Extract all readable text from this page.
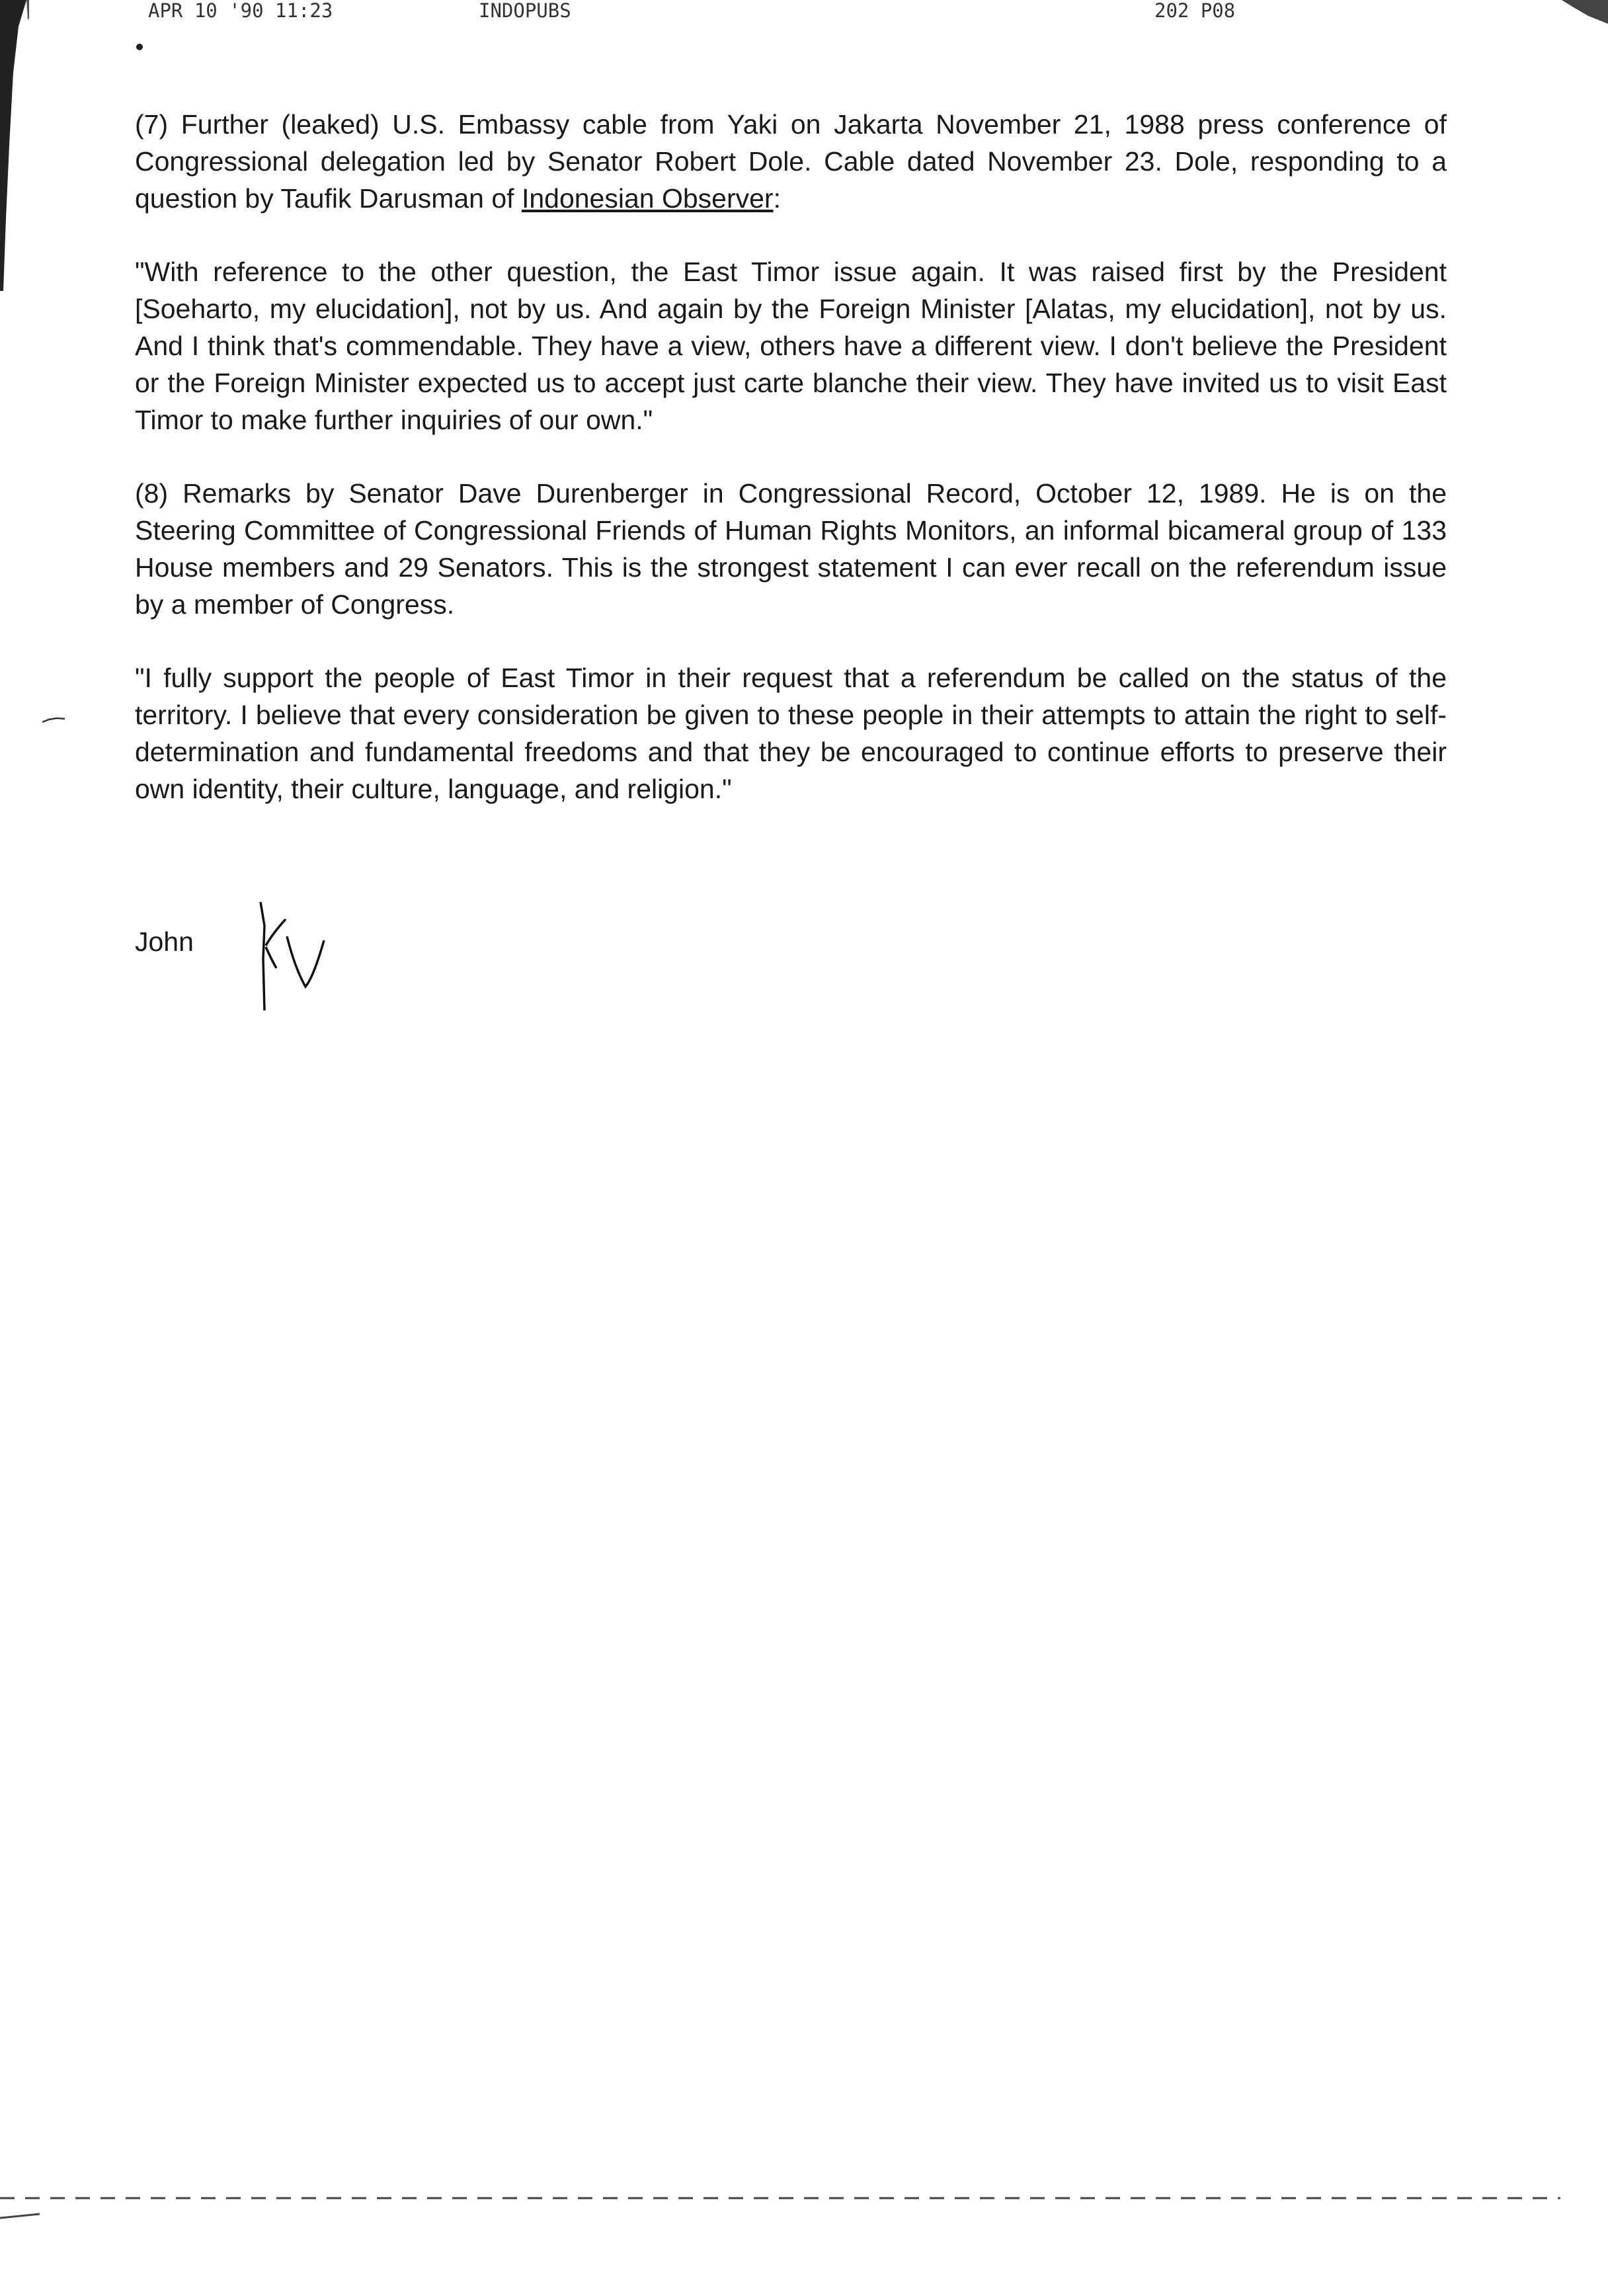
APR 10 '90 11:23	INDOPUBS	202 P08

(7) Further (leaked) U.S. Embassy cable from Yaki on Jakarta November 21, 1988 press conference of Congressional delegation led by Senator Robert Dole. Cable dated November 23. Dole, responding to a question by Taufik Darusman of Indonesian Observer:

"With reference to the other question, the East Timor issue again. It was raised first by the President [Soeharto, my elucidation], not by us. And again by the Foreign Minister [Alatas, my elucidation], not by us. And I think that's commendable. They have a view, others have a different view. I don't believe the President or the Foreign Minister expected us to accept just carte blanche their view. They have invited us to visit East Timor to make further inquiries of our own."

(8) Remarks by Senator Dave Durenberger in Congressional Record, October 12, 1989. He is on the Steering Committee of Congressional Friends of Human Rights Monitors, an informal bicameral group of 133 House members and 29 Senators. This is the strongest statement I can ever recall on the referendum issue by a member of Congress.

"I fully support the people of East Timor in their request that a referendum be called on the status of the territory. I believe that every consideration be given to these people in their attempts to attain the right to self-determination and fundamental freedoms and that they be encouraged to continue efforts to preserve their own identity, their culture, language, and religion."

John
